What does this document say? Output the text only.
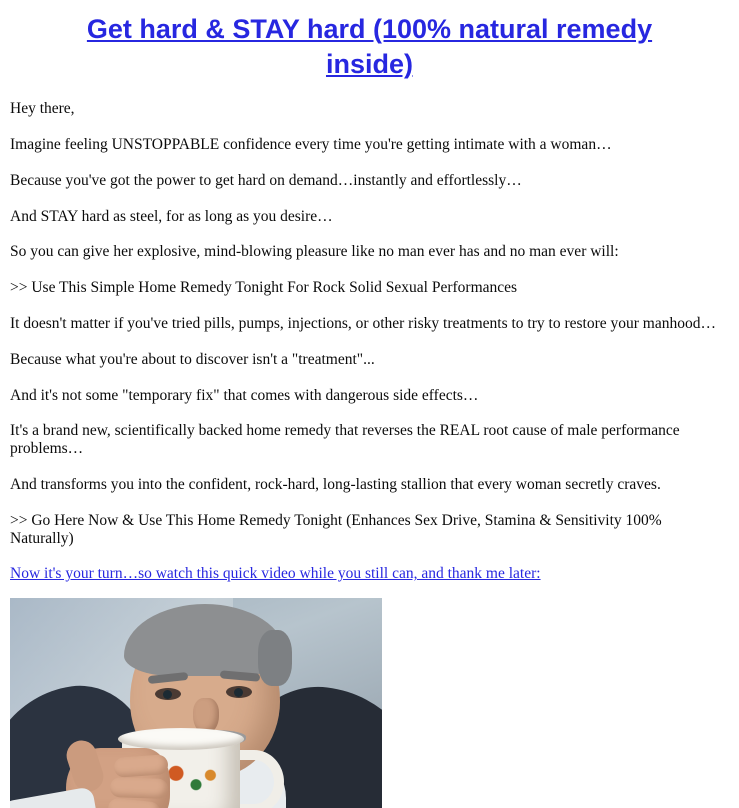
Get hard & STAY hard (100% natural remedy inside)

Hey there,

Imagine feeling UNSTOPPABLE confidence every time you're getting intimate with a woman…

Because you've got the power to get hard on demand…instantly and effortlessly…

And STAY hard as steel, for as long as you desire…

So you can give her explosive, mind-blowing pleasure like no man ever has and no man ever will:

>> Use This Simple Home Remedy Tonight For Rock Solid Sexual Performances

It doesn't matter if you've tried pills, pumps, injections, or other risky treatments to try to restore your manhood…

Because what you're about to discover isn't a "treatment"...

And it's not some "temporary fix" that comes with dangerous side effects…

It's a brand new, scientifically backed home remedy that reverses the REAL root cause of male performance problems…

And transforms you into the confident, rock-hard, long-lasting stallion that every woman secretly craves.

>> Go Here Now & Use This Home Remedy Tonight (Enhances Sex Drive, Stamina & Sensitivity 100% Naturally)

Now it's your turn…so watch this quick video while you still can, and thank me later:
